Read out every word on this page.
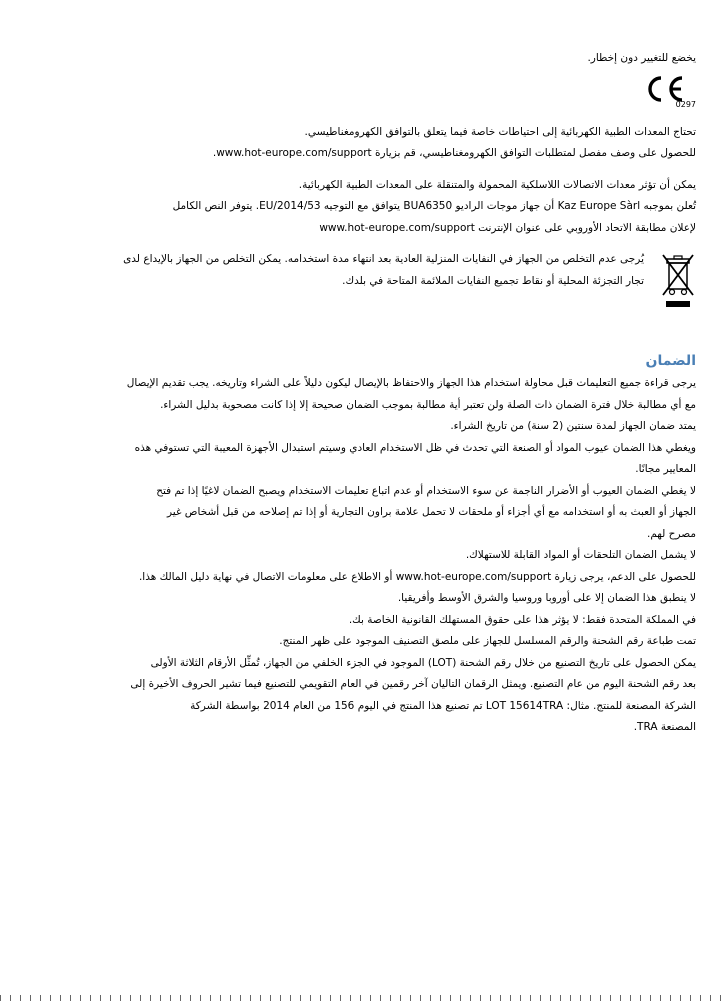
يخضع للتغيير دون إخطار.

0297

تحتاج المعدات الطبية الكهربائية إلى احتياطات خاصة فيما يتعلق بالتوافق الكهرومغناطيسي.
للحصول على وصف مفصل لمتطلبات التوافق الكهرومغناطيسي، قم بزيارة www.hot-europe.com/support.

يمكن أن تؤثر معدات الاتصالات اللاسلكية المحمولة والمتنقلة على المعدات الطبية الكهربائية.
تُعلن بموجبه Kaz Europe Sàrl أن جهاز موجات الراديو BUA6350 يتوافق مع التوجيه 2014/53/EU. يتوفر النص الكامل
لإعلان مطابقة الاتحاد الأوروبي على عنوان الإنترنت www.hot-europe.com/support

يُرجى عدم التخلص من الجهاز في النفايات المنزلية العادية بعد انتهاء مدة استخدامه. يمكن التخلص من الجهاز بالإيداع لدى
تجار التجزئة المحلية أو نقاط تجميع النفايات الملائمة المتاحة في بلدك.

الضمان

يرجى قراءة جميع التعليمات قبل محاولة استخدام هذا الجهاز والاحتفاظ بالإيصال ليكون دليلاً على الشراء وتاريخه. يجب تقديم الإيصال
مع أي مطالبة خلال فترة الضمان ذات الصلة ولن تعتبر أية مطالبة بموجب الضمان صحيحة إلا إذا كانت مصحوبة بدليل الشراء.
يمتد ضمان الجهاز لمدة سنتين (2 سنة) من تاريخ الشراء.
ويغطي هذا الضمان عيوب المواد أو الصنعة التي تحدث في ظل الاستخدام العادي وسيتم استبدال الأجهزة المعيبة التي تستوفي هذه
المعايير مجانًا.
لا يغطي الضمان العيوب أو الأضرار الناجمة عن سوء الاستخدام أو عدم اتباع تعليمات الاستخدام ويصبح الضمان لاغيًا إذا تم فتح
الجهاز أو العبث به أو استخدامه مع أي أجزاء أو ملحقات لا تحمل علامة براون التجارية أو إذا تم إصلاحه من قبل أشخاص غير
مصرح لهم.
لا يشمل الضمان التلحقات أو المواد القابلة للاستهلاك.
للحصول على الدعم، يرجى زيارة www.hot-europe.com/support أو الاطلاع على معلومات الاتصال في نهاية دليل المالك هذا.
لا ينطبق هذا الضمان إلا على أوروبا وروسيا والشرق الأوسط وأفريقيا.
في المملكة المتحدة فقط: لا يؤثر هذا على حقوق المستهلك القانونية الخاصة بك.
تمت طباعة رقم الشحنة والرقم المسلسل للجهاز على ملصق التصنيف الموجود على ظهر المنتج.
يمكن الحصول على تاريخ التصنيع من خلال رقم الشحنة (LOT) الموجود في الجزء الخلفي من الجهاز، تُمثِّل الأرقام الثلاثة الأولى
بعد رقم الشحنة اليوم من عام التصنيع. ويمثل الرقمان التاليان آخر رقمين في العام التقويمي للتصنيع فيما تشير الحروف الأخيرة إلى
الشركة المصنعة للمنتج. مثال: LOT 15614TRA تم تصنيع هذا المنتج في اليوم 156 من العام 2014 بواسطة الشركة
المصنعة TRA.
